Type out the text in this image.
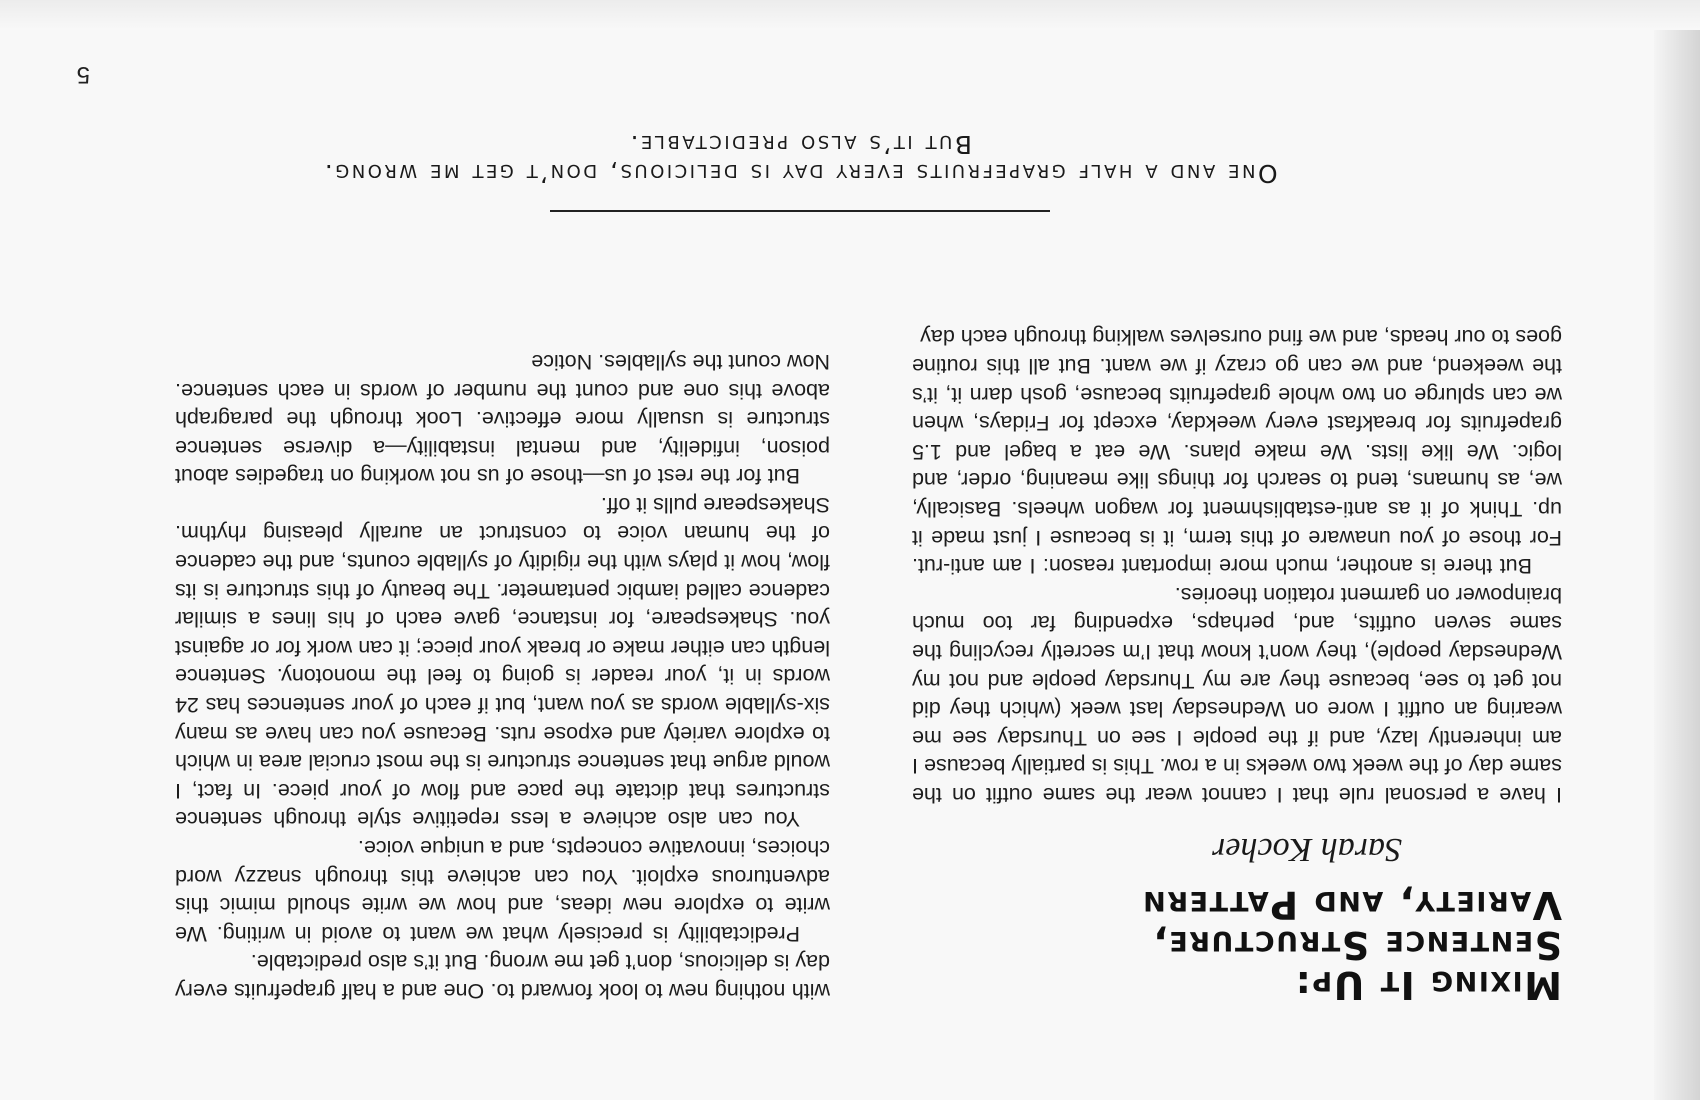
Mixing It Up:
Sentence Structure,
Variety, and Pattern
Sarah Kocher

I have a personal rule that I cannot wear the same outfit on the same day of the week two weeks in a row. This is partially because I am inherently lazy, and if the people I see on Thursday see me wearing an outfit I wore on Wednesday last week (which they did not get to see, because they are my Thursday people and not my Wednesday people), they won’t know that I’m secretly recycling the same seven outfits, and, perhaps, expending far too much brainpower on garment rotation theories.

But there is another, much more important reason: I am anti-rut. For those of you unaware of this term, it is because I just made it up. Think of it as anti-establishment for wagon wheels. Basically, we, as humans, tend to search for things like meaning, order, and logic. We like lists. We make plans. We eat a bagel and 1.5 grapefruits for breakfast every weekday, except for Fridays, when we can splurge on two whole grapefruits because, gosh darn it, it’s the weekend, and we can go crazy if we want. But all this routine goes to our heads, and we find ourselves walking through each day

with nothing new to look forward to. One and a half grapefruits every day is delicious, don’t get me wrong. But it’s also predictable.

Predictability is precisely what we want to avoid in writing. We write to explore new ideas, and how we write should mimic this adventurous exploit. You can achieve this through snazzy word choices, innovative concepts, and a unique voice.

You can also achieve a less repetitive style through sentence structures that dictate the pace and flow of your piece. In fact, I would argue that sentence structure is the most crucial area in which to explore variety and expose ruts. Because you can have as many six-syllable words as you want, but if each of your sentences has 24 words in it, your reader is going to feel the monotony. Sentence length can either make or break your piece; it can work for or against you. Shakespeare, for instance, gave each of his lines a similar cadence called iambic pentameter. The beauty of this structure is its flow, how it plays with the rigidity of syllable counts, and the cadence of the human voice to construct an aurally pleasing rhythm. Shakespeare pulls it off.

But for the rest of us—those of us not working on tragedies about poison, infidelity, and mental instability—a diverse sentence structure is usually more effective. Look through the paragraph above this one and count the number of words in each sentence. Now count the syllables. Notice

One and a half grapefruits every day is delicious, don’t get me wrong.
But it’s also predictable.
5
